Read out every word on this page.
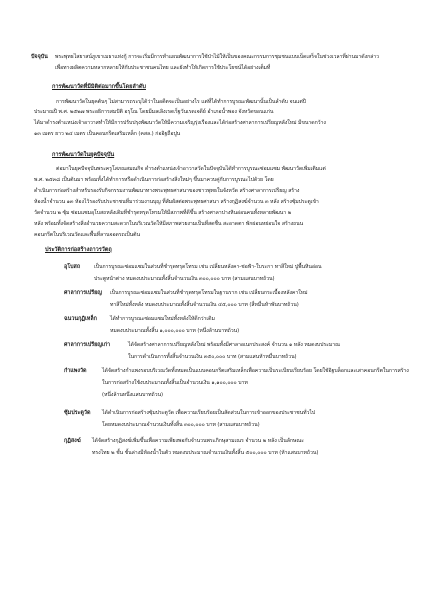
ปัจจุบัน พระพุทธไสยาสน์ภูเขาเมธาแห่งกู้ การจะเริ่มมีการทำแผนพัฒนาการใช้ป่าไม้ให้เป็นของคณะกรรมการชุมชนแบบเบ็ดเสร็จในช่วงเวลาที่ผ่านมาดังกล่าว
เพื่อทางผลิตความหลากหลายให้กับประชาชนคนไทย และยังทำให้เกิดการใช้ประโยชน์ได้อย่างเต็มที่
การพัฒนาวัดที่มีมิติต่อมากขึ้นโดยลำดับ
การพัฒนาวัดในยุคต้นๆ ไม่สามารถระบุได้ว่าในอดีตจะเป็นอย่างไร แต่ที่ได้ทำการบูรณะพัฒนานั้นเป็นลำดับ จนแต่ปี
ประมาณปี พ.ศ. ๒๕๒๗ พระอธิการสมปัติ อรุโณ โดยมีมลเลิงเรดเร็ฐวันเรดเจดีย์ อำเภอน้ำพอง จังหวัดขอนแก่น
ได้มาดำรงตำแหน่งเจ้าอาวาสทำให้มีการปรับปรุงพัฒนาวัดให้มีความเจริญรุ่งเรืองและได้ก่อสร้างศาลาการเปรียญหลังใหม่ มีขนาดกว้าง
๑๓ เมตร ยาว ๒๔ เมตร เป็นคอนกรีตเสริมเหล็ก (คสล.) ก่ออิฐถือปูน
การพัฒนาวัดในยุคปัจจุบัน
ต่อมาในยุคปัจจุบันพระครูโสภณสมณกิจ ดำรงตำแหน่งเจ้าอาวาสวัดในปัจจุบันได้ทำการบูรณะซ่อมแซม พัฒนาวัดเพิ่มเติมแต่
พ.ศ. ๒๕๓๘ เป็นต้นมา พร้อมทั้งได้ทำการหรือดำเนินการก่อสร้างสิ่งใหม่ๆ ขึ้นมาควบคู่กับการบูรณะไปด้วย โดย
ดำเนินการก่อสร้างสำหรับรองรับกิจกรรมงานพัฒนาทางพระพุทธศาสนาของชาวพุทธในจังหวัด สร้างศาลาการเปรียญ สร้าง
ห้องน้ำจำนวน ๑๓ ห้องไว้รองรับประชาชนที่มาร่วมงานบุญ ที่สัมผัสต่อพระพุทธศาสนา สร้างกุฏิสงฆ์จำนวน ๓ หลัง สร้างซุ้มประตูเข้า
วัดจำนวน ๒ ซุ้ม ซ่อมแซมอุโบสถหลังเดิมที่ชำรุดทรุดโทรมให้มีสภาพที่ดีขึ้น สร้างศาลาปางหินอ่อนคนทั้งหลายพัฒนา ๒
หลัง พร้อมทั้งจัดสร้างสิ่งอำนวยความสะดวกในบริเวณวัดให้มีสภาพสวยงามเป็นที่สดชื่น สะอาดตา พักผ่อนหย่อนใจ สร้างถนน
คอนกรีตในบริเวณวัดและพื้นที่ลานจอดรถเป็นต้น
ประวัติการก่อสร้างถาวรวัตถุ
อุโบสถ	เป็นการบูรณะซ่อมแซมในส่วนที่ชำรุดทรุดโทรม เช่น เปลี่ยนหลังคา-ช่อฟ้า-ใบระกา ทาสีใหม่ ปูพื้นหินอ่อน
ประตูหน้าต่าง หมดงบประมาณทั้งสิ้นจำนวนเงิน ๓๐๐,๐๐๐ บาท (สามแสนบาทถ้วน)
ศาลาการเปรียญ เป็นการบูรณะซ่อมแซมในส่วนที่ชำรุดทรุดโทรมในฐานราก เช่น เปลี่ยนกระเบื้องหลังคาใหม่
ทาสีใหม่ทั้งหลัง หมดงบประมาณทั้งสิ้นจำนวนเงิน ๔๕,๐๐๐ บาท (สี่หมื่นห้าพันบาทถ้วน)
ฉนวนกุฏิเหล็ก	ได้ทำการบูรณะซ่อมแซมใหม่ทั้งหลังให้ดีกว่าเดิม
หมดงบประมาณทั้งสิ้น ๑,๐๐๐,๐๐๐ บาท (หนึ่งล้านบาทถ้วน)
ศาลาการเปรียญเก่า	ได้จัดสร้างศาลาการเปรียญหลังใหม่ พร้อมทั้งมีศาลาอเนกประสงค์ จำนวน ๑ หลัง หมดงบประมาณ
ในการดำเนินการทั้งสิ้นจำนวนเงิน ๓๕๐,๐๐๐ บาท (สามแสนห้าหมื่นบาทถ้วน)
กำแพงวัด	ได้จัดสร้างกำแพงรอบบริเวณวัดทั้งหมดเป็นแบบคอนกรีตเสริมเหล็กเพื่อความเป็นระเบียบเรียบร้อย โดยใช้อิฐบล็อกและเสาคอนกรีตในการสร้าง
ในการก่อสร้างใช้งบประมาณทั้งสิ้นเป็นจำนวนเงิน ๑,๑๐๐,๐๐๐ บาท
(หนึ่งล้านหนึ่งแสนบาทถ้วน)
ซุ้มประตูวัด ได้ดำเนินการก่อสร้างซุ้มประตูวัด เพื่อความเรียบร้อยเป็นสัดส่วนในการเข้าออกของประชาชนทั่วไป
โดยหมดงบประมาณจำนวนเงินทั้งสิ้น ๓๐๐,๐๐๐ บาท (สามแสนบาทถ้วน)
กุฏิสงฆ์ ได้จัดสร้างกุฏิสงฆ์เพิ่มขึ้นเพื่อความเพียงพอกับจำนวนพระภิกษุสามเณร จำนวน ๒ หลัง เป็นลักษณะ
ทรงไทย ๒ ชั้น ชั้นล่างมีห้องน้ำในตัว หมดงบประมาณจำนวนเงินทั้งสิ้น ๕๐๐,๐๐๐ บาท (ห้าแสนบาทถ้วน)
